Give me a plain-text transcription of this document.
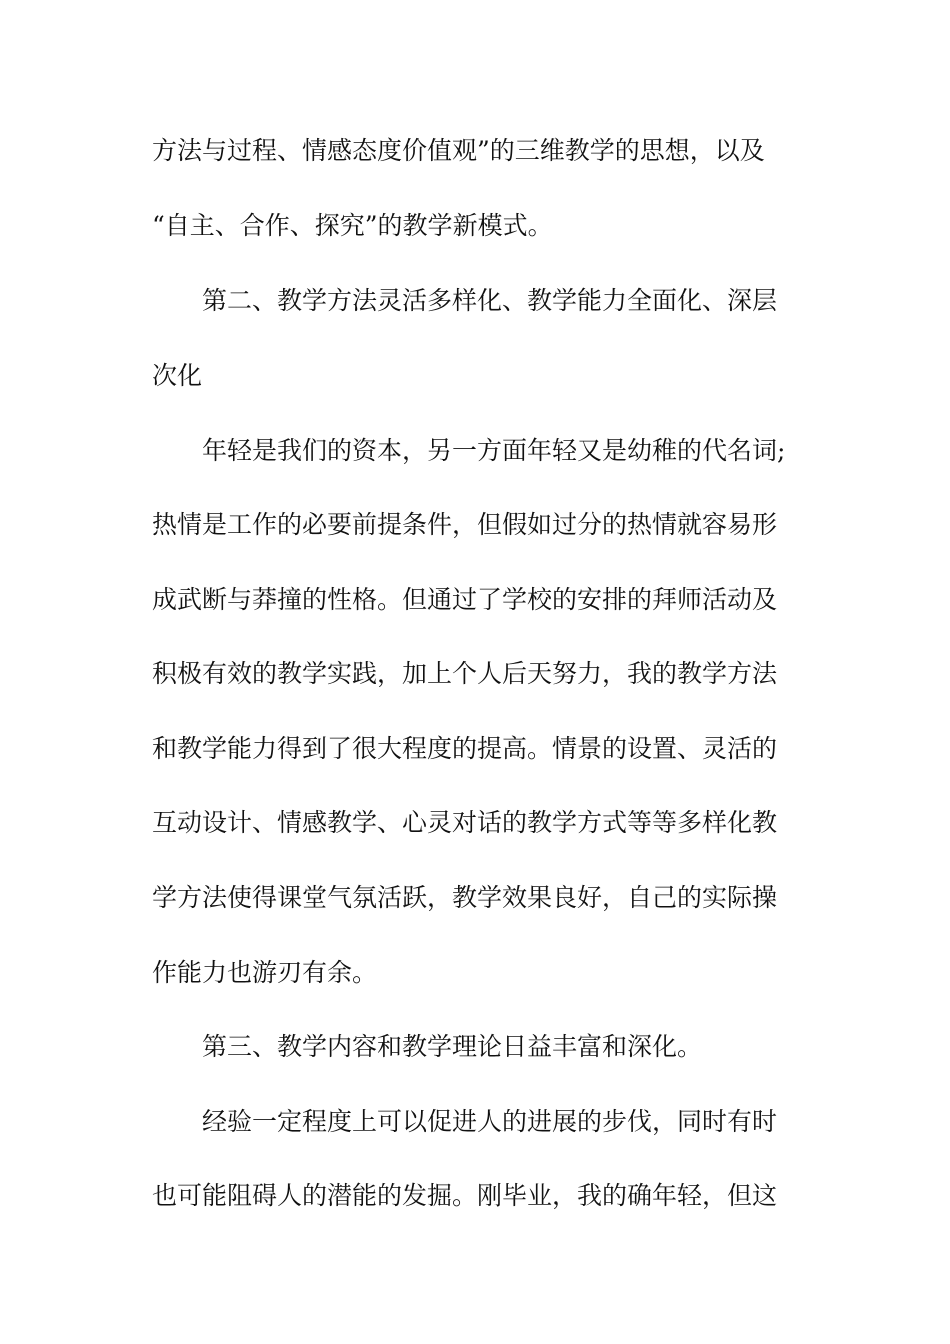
方法与过程、情感态度价值观”的三维教学的思想，以及

“自主、合作、探究”的教学新模式。

第二、教学方法灵活多样化、教学能力全面化、深层

次化

年轻是我们的资本，另一方面年轻又是幼稚的代名词;

热情是工作的必要前提条件，但假如过分的热情就容易形

成武断与莽撞的性格。但通过了学校的安排的拜师活动及

积极有效的教学实践，加上个人后天努力，我的教学方法

和教学能力得到了很大程度的提高。情景的设置、灵活的

互动设计、情感教学、心灵对话的教学方式等等多样化教

学方法使得课堂气氛活跃，教学效果良好，自己的实际操

作能力也游刃有余。

第三、教学内容和教学理论日益丰富和深化。

经验一定程度上可以促进人的进展的步伐，同时有时

也可能阻碍人的潜能的发掘。刚毕业，我的确年轻，但这
